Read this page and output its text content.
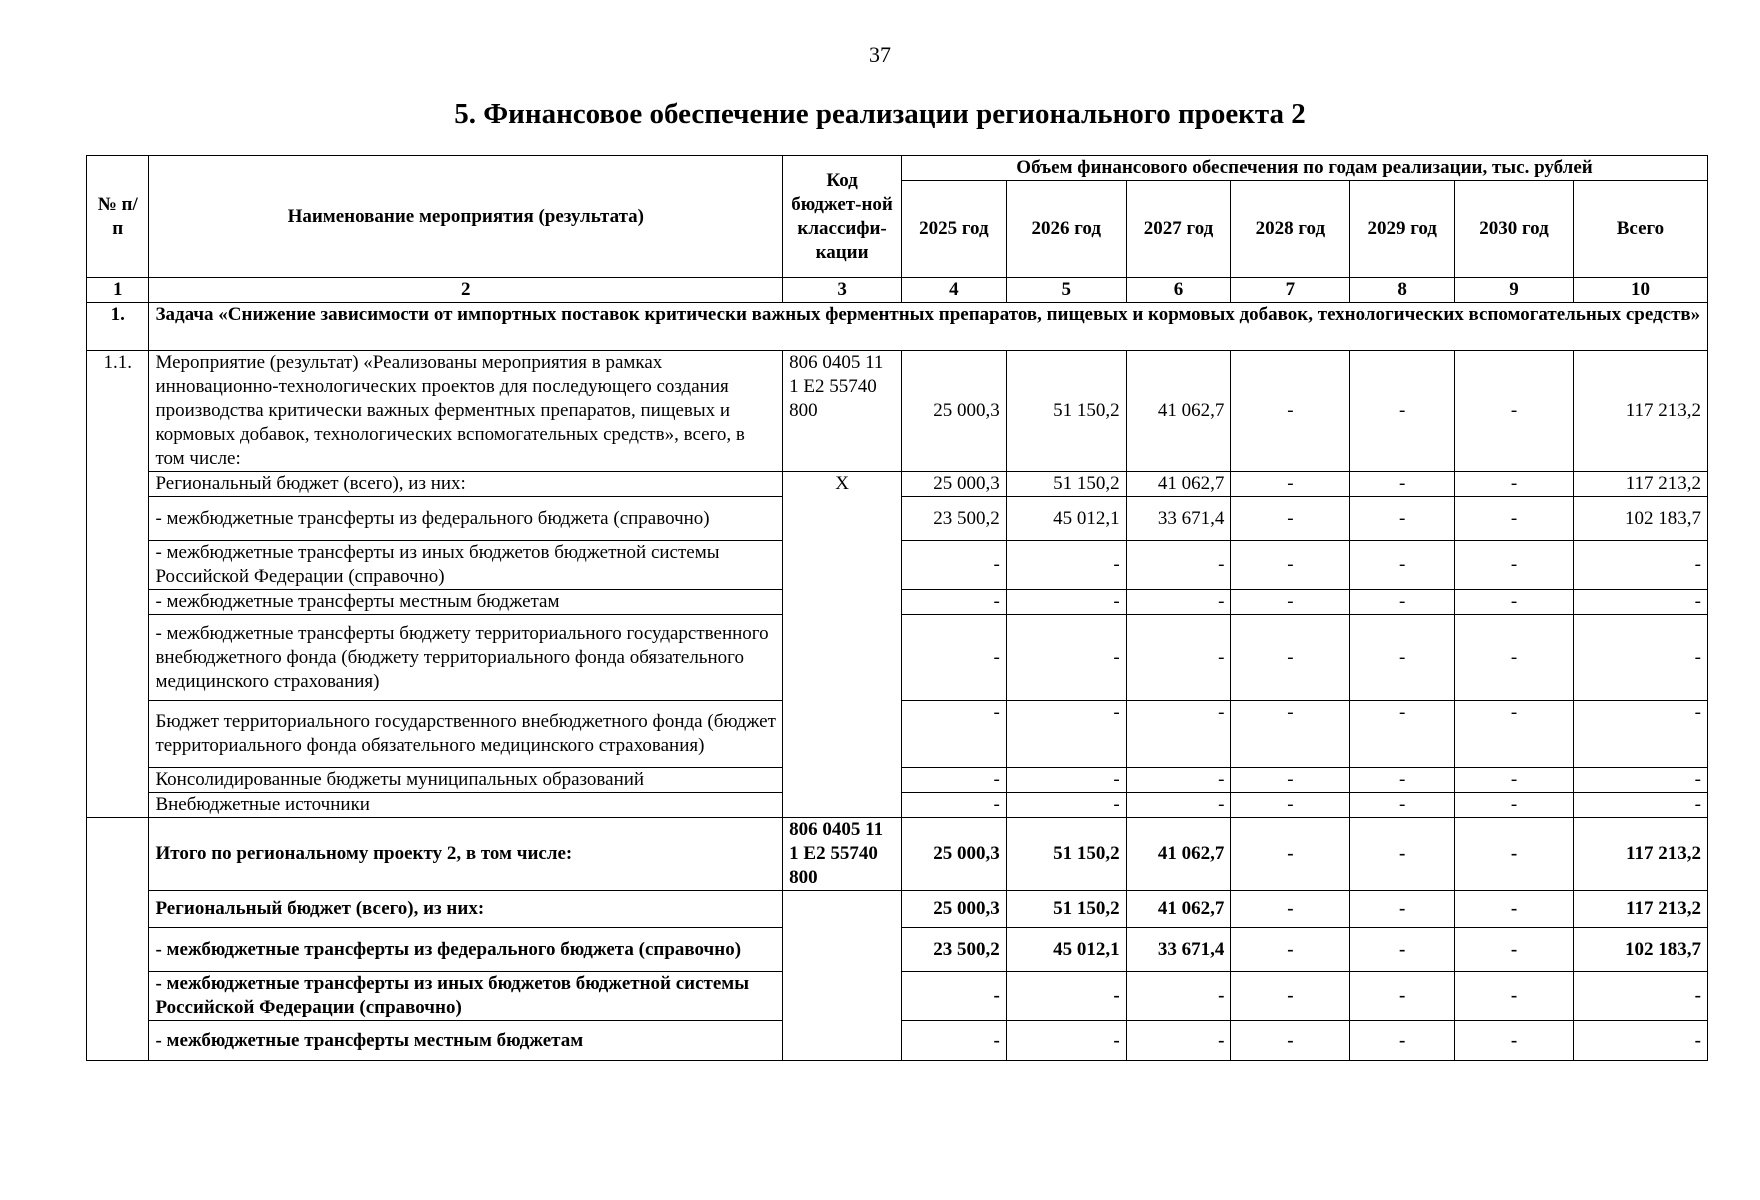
37
5. Финансовое обеспечение реализации регионального проекта 2
№ п/п	Наименование мероприятия (результата)	Код бюджет-ной классифи-кации	Объем финансового обеспечения по годам реализации, тыс. рублей						
			2025 год	2026 год	2027 год	2028 год	2029 год	2030 год	Всего
1	2	3	4	5	6	7	8	9	10
1.	Задача «Снижение зависимости от импортных поставок критически важных ферментных препаратов, пищевых и кормовых добавок, технологических вспомогательных средств»								
1.1.	Мероприятие (результат) «Реализованы мероприятия в рамках инновационно-технологических проектов для последующего создания производства критически важных ферментных препаратов, пищевых и кормовых добавок, технологических вспомогательных средств», всего, в том числе:	806 0405 11 1 Е2 55740 800	25 000,3	51 150,2	41 062,7	-	-	-	117 213,2
	Региональный бюджет (всего), из них:	Х	25 000,3	51 150,2	41 062,7	-	-	-	117 213,2
	- межбюджетные трансферты из федерального бюджета (справочно)		23 500,2	45 012,1	33 671,4	-	-	-	102 183,7
	- межбюджетные трансферты из иных бюджетов бюджетной системы Российской Федерации (справочно)		-	-	-	-	-	-	-
	- межбюджетные трансферты местным бюджетам		-	-	-	-	-	-	-
	- межбюджетные трансферты бюджету территориального государственного внебюджетного фонда (бюджету территориального фонда обязательного медицинского страхования)		-	-	-	-	-	-	-
	Бюджет территориального государственного внебюджетного фонда (бюджет территориального фонда обязательного медицинского страхования)		-	-	-	-	-	-	-
	Консолидированные бюджеты муниципальных образований		-	-	-	-	-	-	-
	Внебюджетные источники		-	-	-	-	-	-	-
	Итого по региональному проекту 2, в том числе:	806 0405 11 1 Е2 55740 800	25 000,3	51 150,2	41 062,7	-	-	-	117 213,2
	Региональный бюджет (всего), из них:		25 000,3	51 150,2	41 062,7	-	-	-	117 213,2
	- межбюджетные трансферты из федерального бюджета (справочно)		23 500,2	45 012,1	33 671,4	-	-	-	102 183,7
	- межбюджетные трансферты из иных бюджетов бюджетной системы Российской Федерации (справочно)		-	-	-	-	-	-	-
	- межбюджетные трансферты местным бюджетам		-	-	-	-	-	-	-
